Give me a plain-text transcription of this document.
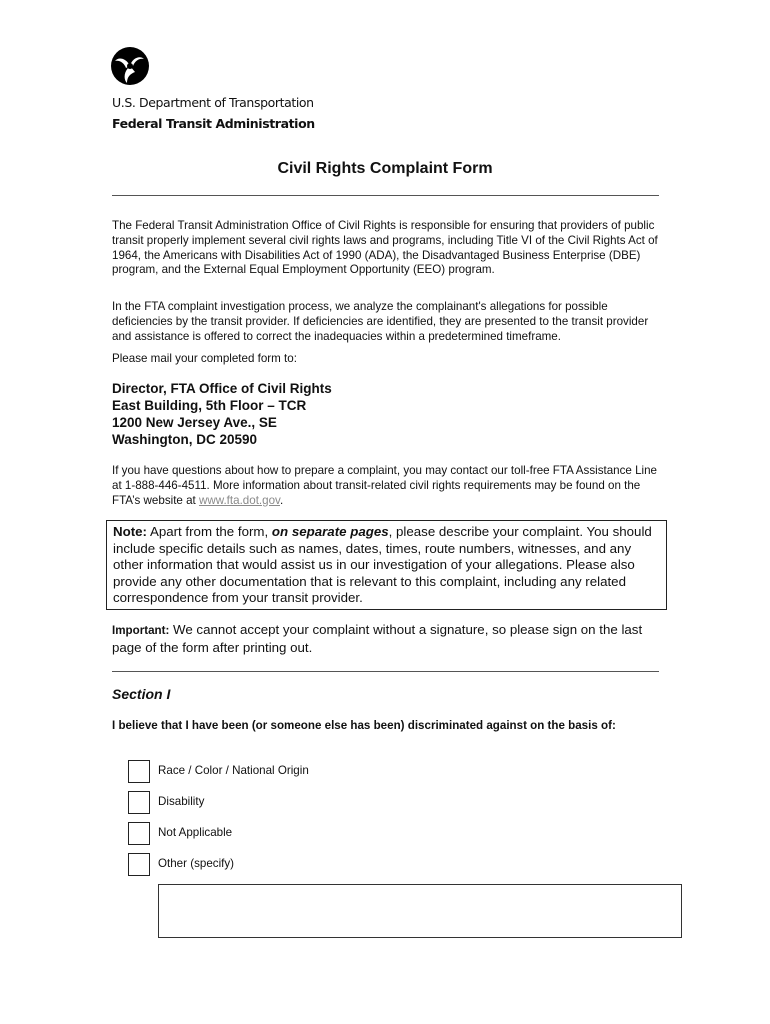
U.S. Department of Transportation
Federal Transit Administration
Civil Rights Complaint Form
The Federal Transit Administration Office of Civil Rights is responsible for ensuring that providers of public transit properly implement several civil rights laws and programs, including Title VI of the Civil Rights Act of 1964, the Americans with Disabilities Act of 1990 (ADA), the Disadvantaged Business Enterprise (DBE) program, and the External Equal Employment Opportunity (EEO) program.
In the FTA complaint investigation process, we analyze the complainant's allegations for possible deficiencies by the transit provider. If deficiencies are identified, they are presented to the transit provider and assistance is offered to correct the inadequacies within a predetermined timeframe.
Please mail your completed form to:
Director, FTA Office of Civil Rights
East Building, 5th Floor – TCR
1200 New Jersey Ave., SE
Washington, DC 20590
If you have questions about how to prepare a complaint, you may contact our toll-free FTA Assistance Line at 1-888-446-4511. More information about transit-related civil rights requirements may be found on the FTA’s website at www.fta.dot.gov.
Note: Apart from the form, on separate pages, please describe your complaint. You should include specific details such as names, dates, times, route numbers, witnesses, and any other information that would assist us in our investigation of your allegations. Please also provide any other documentation that is relevant to this complaint, including any related correspondence from your transit provider.
Important: We cannot accept your complaint without a signature, so please sign on the last page of the form after printing out.
Section I
I believe that I have been (or someone else has been) discriminated against on the basis of:
Race / Color / National Origin
Disability
Not Applicable
Other (specify)
